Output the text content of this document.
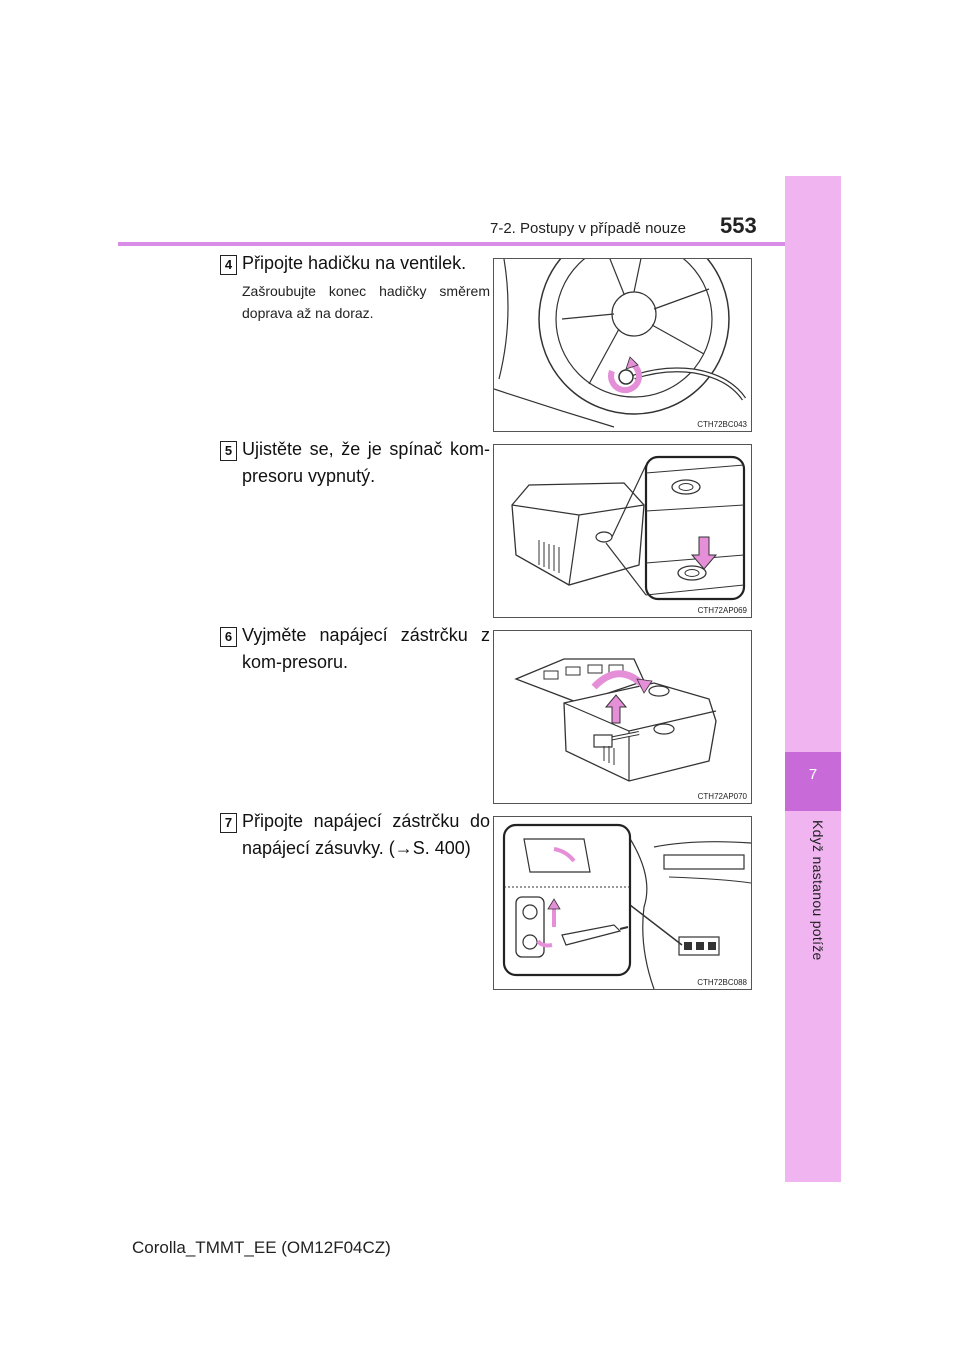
7
Když nastanou potíže
7-2. Postupy v případě nouze 553
4 Připojte hadičku na ventilek.
Zašroubujte konec hadičky směrem doprava až na doraz.
CTH72BC043
5 Ujistěte se, že je spínač kom-presoru vypnutý.
CTH72AP069
6 Vyjměte napájecí zástrčku z kom-presoru.
CTH72AP070
7 Připojte napájecí zástrčku do napájecí zásuvky. (→S. 400)
CTH72BC088
Corolla_TMMT_EE (OM12F04CZ)
